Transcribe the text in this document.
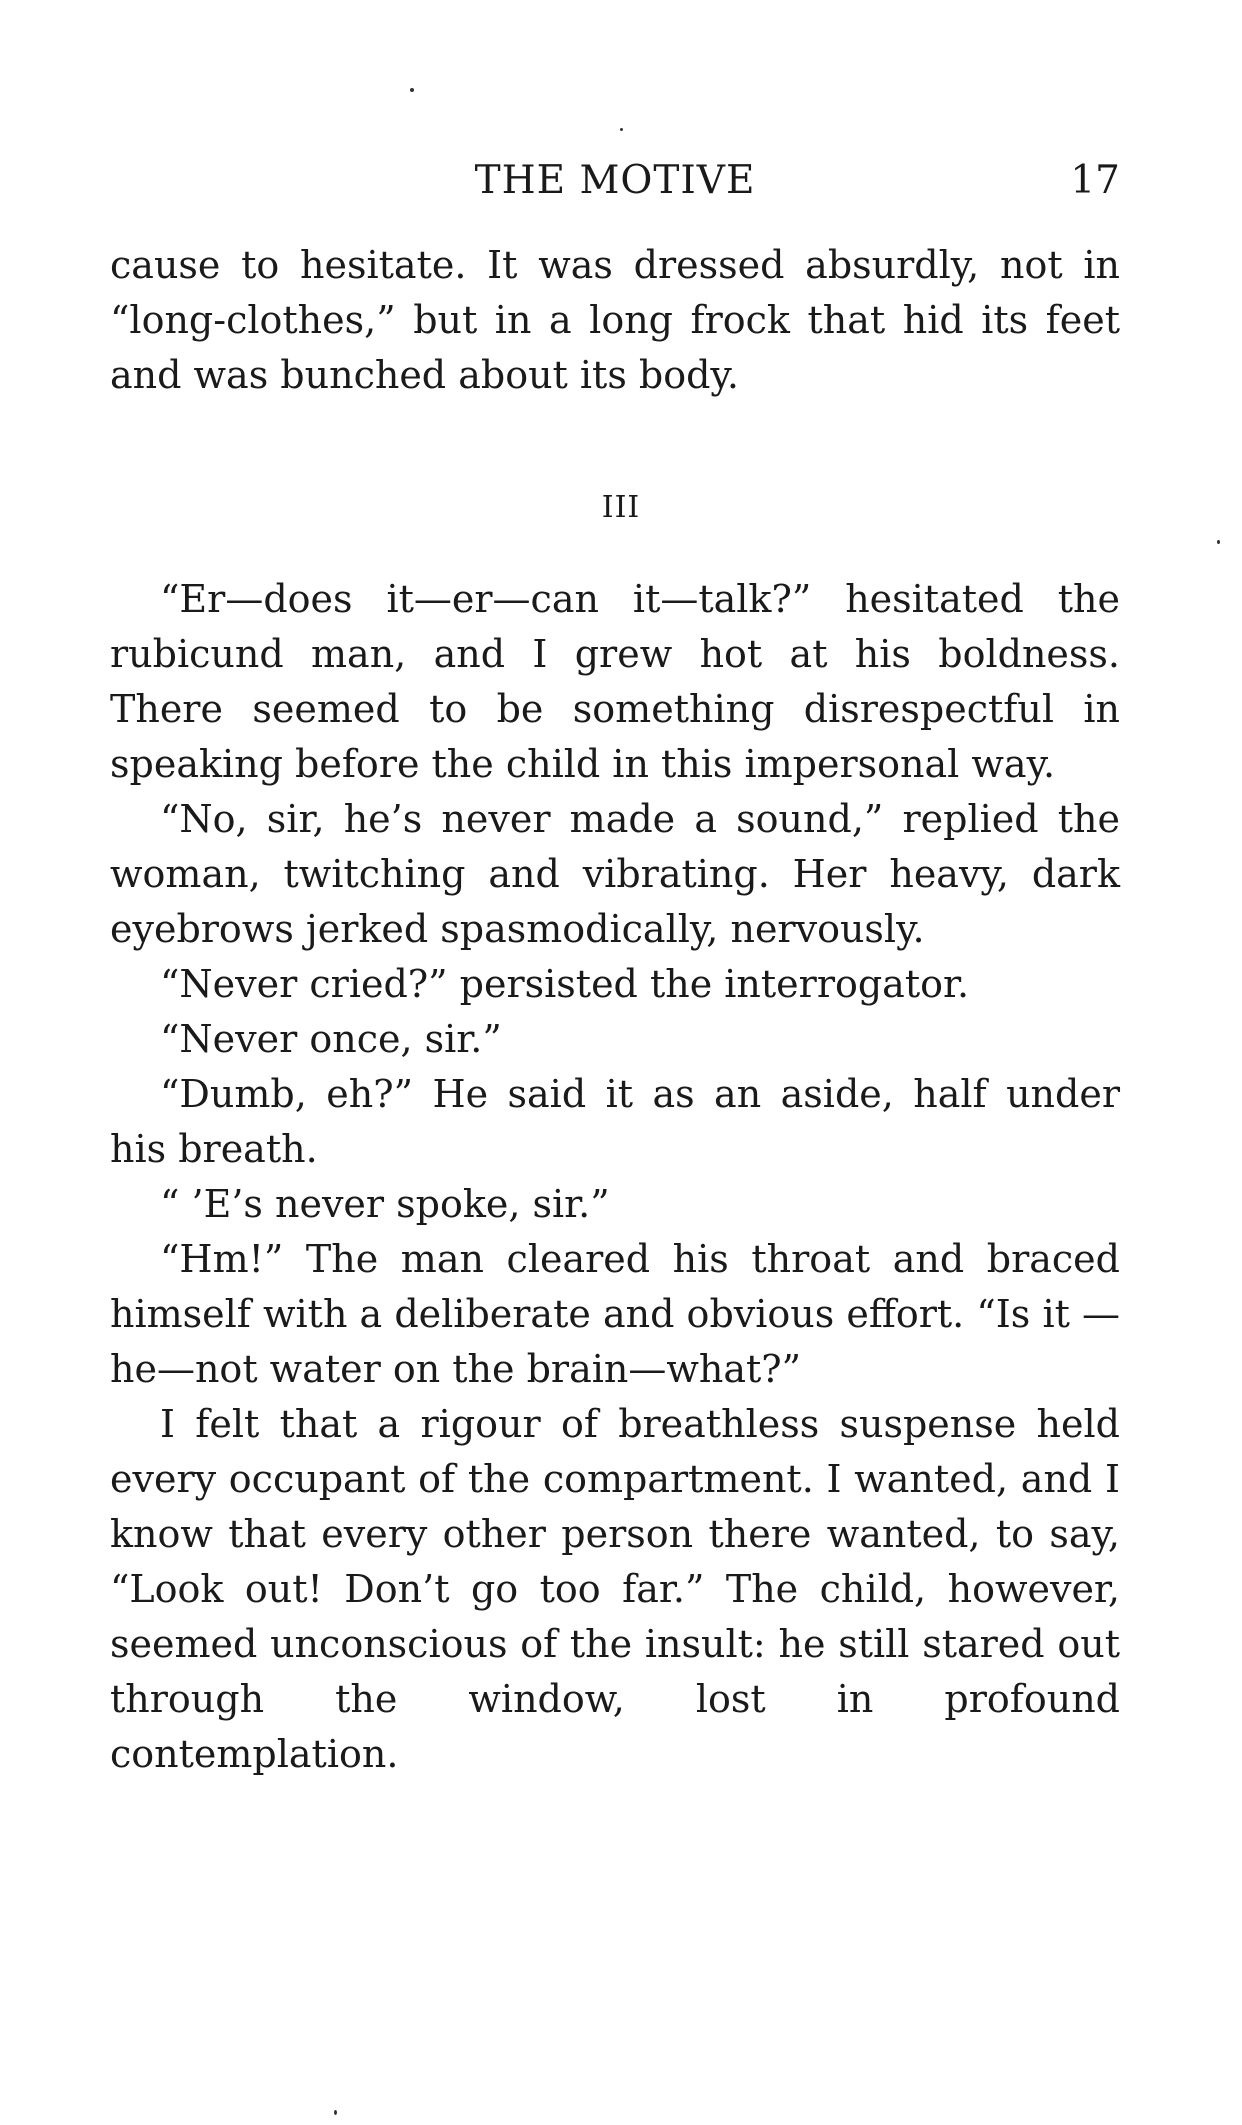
THE MOTIVE	17

cause to hesitate. It was dressed absurdly, not in “long-clothes,” but in a long frock that hid its feet and was bunched about its body.

III

“Er—does it—er—can it—talk?” hesitated the rubicund man, and I grew hot at his boldness. There seemed to be something disrespectful in speaking before the child in this impersonal way.

“No, sir, he’s never made a sound,” replied the woman, twitching and vibrating. Her heavy, dark eyebrows jerked spasmodically, nervously.

“Never cried?” persisted the interrogator.

“Never once, sir.”

“Dumb, eh?” He said it as an aside, half under his breath.

“ ’E’s never spoke, sir.”

“Hm!” The man cleared his throat and braced himself with a deliberate and obvious effort. “Is it —he—not water on the brain—what?”

I felt that a rigour of breathless suspense held every occupant of the compartment. I wanted, and I know that every other person there wanted, to say, “Look out! Don’t go too far.” The child, however, seemed unconscious of the insult: he still stared out through the window, lost in profound contemplation.
